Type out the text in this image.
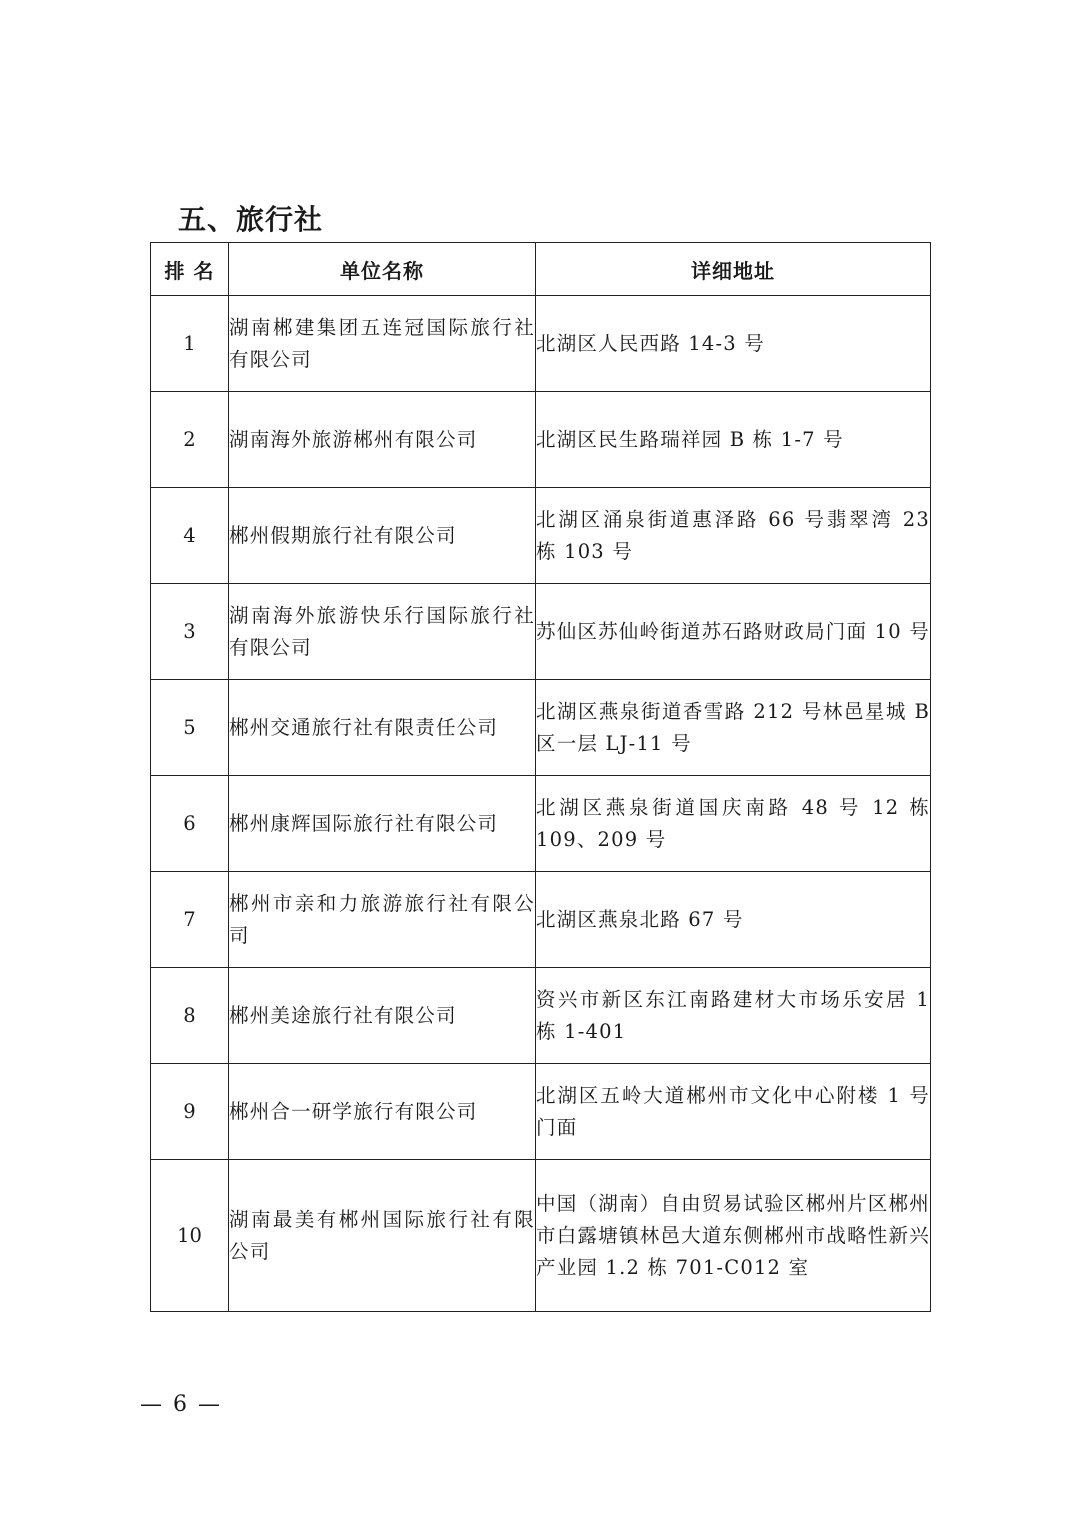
五、旅行社
排 名	单位名称	详细地址
1	湖南郴建集团五连冠国际旅行社有限公司	北湖区人民西路 14-3 号
2	湖南海外旅游郴州有限公司	北湖区民生路瑞祥园 B 栋 1-7 号
4	郴州假期旅行社有限公司	北湖区涌泉街道惠泽路 66 号翡翠湾 23 栋 103 号
3	湖南海外旅游快乐行国际旅行社有限公司	苏仙区苏仙岭街道苏石路财政局门面 10 号
5	郴州交通旅行社有限责任公司	北湖区燕泉街道香雪路 212 号林邑星城 B 区一层 LJ-11 号
6	郴州康辉国际旅行社有限公司	北湖区燕泉街道国庆南路 48 号 12 栋 109、209 号
7	郴州市亲和力旅游旅行社有限公司	北湖区燕泉北路 67 号
8	郴州美途旅行社有限公司	资兴市新区东江南路建材大市场乐安居 1 栋 1-401
9	郴州合一研学旅行有限公司	北湖区五岭大道郴州市文化中心附楼 1 号门面
10	湖南最美有郴州国际旅行社有限公司	中国（湖南）自由贸易试验区郴州片区郴州市白露塘镇林邑大道东侧郴州市战略性新兴产业园 1.2 栋 701-C012 室
— 6 —
